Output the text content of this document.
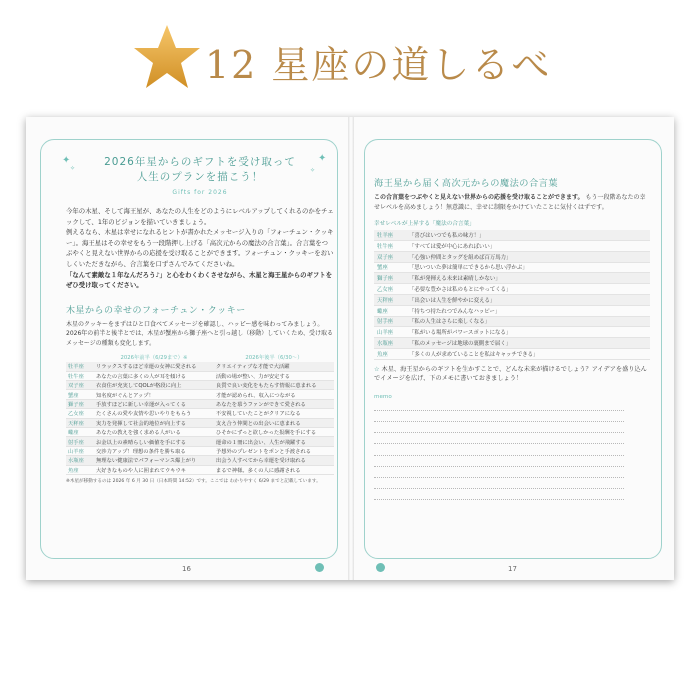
12 星座の道しるべ
✦
✧
✦
✧
2026年星からのギフトを受け取って
人生のプランを描こう！
Gifts for 2026
今年の木星、そして海王星が、あなたの人生をどのようにレベルアップしてくれるのかをチェックして、1年のビジョンを描いていきましょう。
例えるなら、木星は幸せになれるヒントが書かれたメッセージ入りの「フォーチュン・クッキー」。海王星はその幸せをもう一段階押し上げる「高次元からの魔法の合言葉」。合言葉をつぶやくと見えない世界からの応援を受け取ることができます。フォーチュン・クッキーをおいしくいただきながら、合言葉を口ずさんでみてくださいね。
「なんて素敵な１年なんだろう♪」と心をわくわくさせながら、木星と海王星からのギフトをぜひ受け取ってください。
木星からの幸せのフォーチュン・クッキー
木星のクッキーをまずはひと口食べてメッセージを確認し、ハッピー感を味わってみましょう。2026年の前半と後半とでは、木星が蟹座から獅子座へと引っ越し（移動）していくため、受け取るメッセージの種類も変化します。
	2026年前半（6/29まで）※	2026年後半（6/30〜）
牡羊座	リラックスするほど幸運の女神に愛される	クリエイティブな才能で大活躍
牡牛座	あなたの言葉に多くの人が耳を傾ける	活動の場が整い、力が安定する
双子座	衣食住が充実してQOLが格段に向上	良質で良い変化をもたらす情報に恵まれる
蟹座	知名度がぐんとアップ！	才能が認められ、収入につながる
獅子座	手放すほどに新しい幸運が入ってくる	あなたを慕うファンができて愛される
乙女座	たくさんの愛や友情や思いやりをもらう	不安視していたことがクリアになる
天秤座	実力を発揮して社会的地位が向上する	支え合う仲間との出会いに恵まれる
蠍座	あなたの教えを強く求める人がいる	ひそかにずっと欲しかった报酬を手にする
射手座	お金以上の素晴らしい価値を手にする	運命の１冊に出会い、人生が飛躍する
山羊座	交渉力アップ！理想の条件を勝ち取る	予想外のプレゼントをポンと手渡される
水瓶座	無理ない健康法でパフォーマンス爆上がり	出会う人すべてから幸運を受け取れる
魚座	大好きなものや人に囲まれてウキウキ	まるで神様。多くの人に感謝される
※木星が移動するのは 2026 年 6 月 30 日（日本時間 14:52）です。ここでは わかりやすく 6/29 までと記載しています。
16	17
海王星から届く高次元からの魔法の合言葉
この合言葉をつぶやくと見えない世界からの応援を受け取ることができます。 もう一段階あなたの幸せレベルを高めましょう！無意識に、幸せに制限をかけていたことに気付くはずです。
幸せレベルが上昇する「魔法の合言葉」
牡羊座	「喜びはいつでも私の味方！」
牡牛座	「すべては愛が中心にあればいい」
双子座	「心強い仲間とタッグを組めば百万馬力」
蟹座	「思いついた夢は簡単にできるから思い浮かぶ」
獅子座	「私が発揮える未来は素晴しかない」
乙女座	「必要な豊かさは私のもとにやってくる」
天秤座	「出会いは人生を鮮やかに変える」
蠍座	「持ちつ持たれつでみんなハッピー」
射手座	「私の人生はさらに楽しくなる」
山羊座	「私がいる場所がパワースポットになる」
水瓶座	「私のメッセージは地球の裏側まで届く」
魚座	「多くの人が求めていることを私はキャッチできる」
☆ 木星、海王星からのギフトを生かすことで、どんな未来が描けるでしょう？アイデアを盛り込んでイメージを広げ、下のメモに書いておきましょう！
memo
